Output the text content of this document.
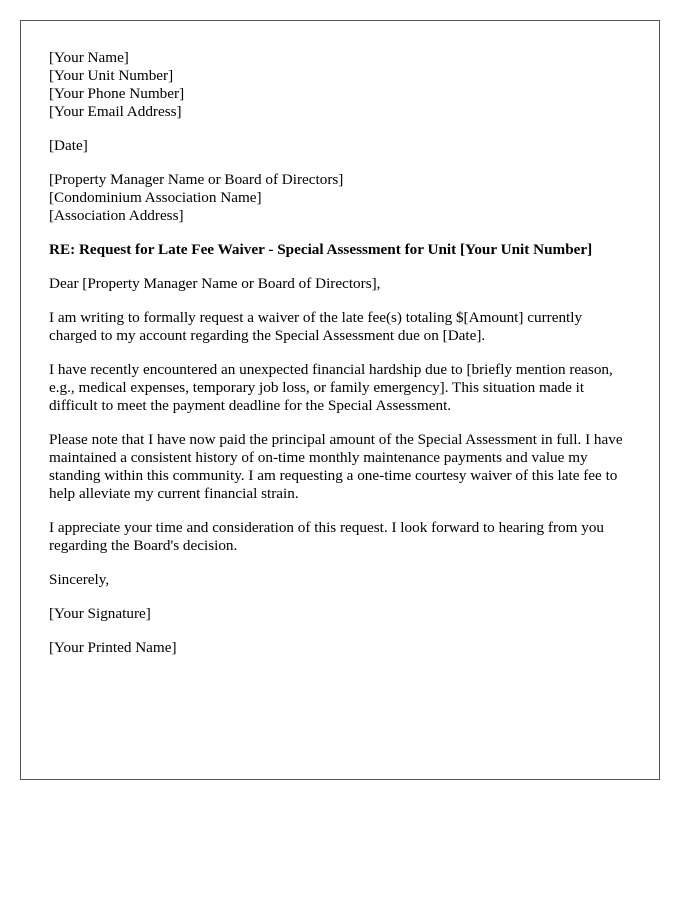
[Your Name]
[Your Unit Number]
[Your Phone Number]
[Your Email Address]
[Date]
[Property Manager Name or Board of Directors]
[Condominium Association Name]
[Association Address]
RE: Request for Late Fee Waiver - Special Assessment for Unit [Your Unit Number]

Dear [Property Manager Name or Board of Directors],

I am writing to formally request a waiver of the late fee(s) totaling $[Amount] currently charged to my account regarding the Special Assessment due on [Date].

I have recently encountered an unexpected financial hardship due to [briefly mention reason, e.g., medical expenses, temporary job loss, or family emergency]. This situation made it difficult to meet the payment deadline for the Special Assessment.

Please note that I have now paid the principal amount of the Special Assessment in full. I have maintained a consistent history of on-time monthly maintenance payments and value my standing within this community. I am requesting a one-time courtesy waiver of this late fee to help alleviate my current financial strain.

I appreciate your time and consideration of this request. I look forward to hearing from you regarding the Board's decision.

Sincerely,

[Your Signature]

[Your Printed Name]
